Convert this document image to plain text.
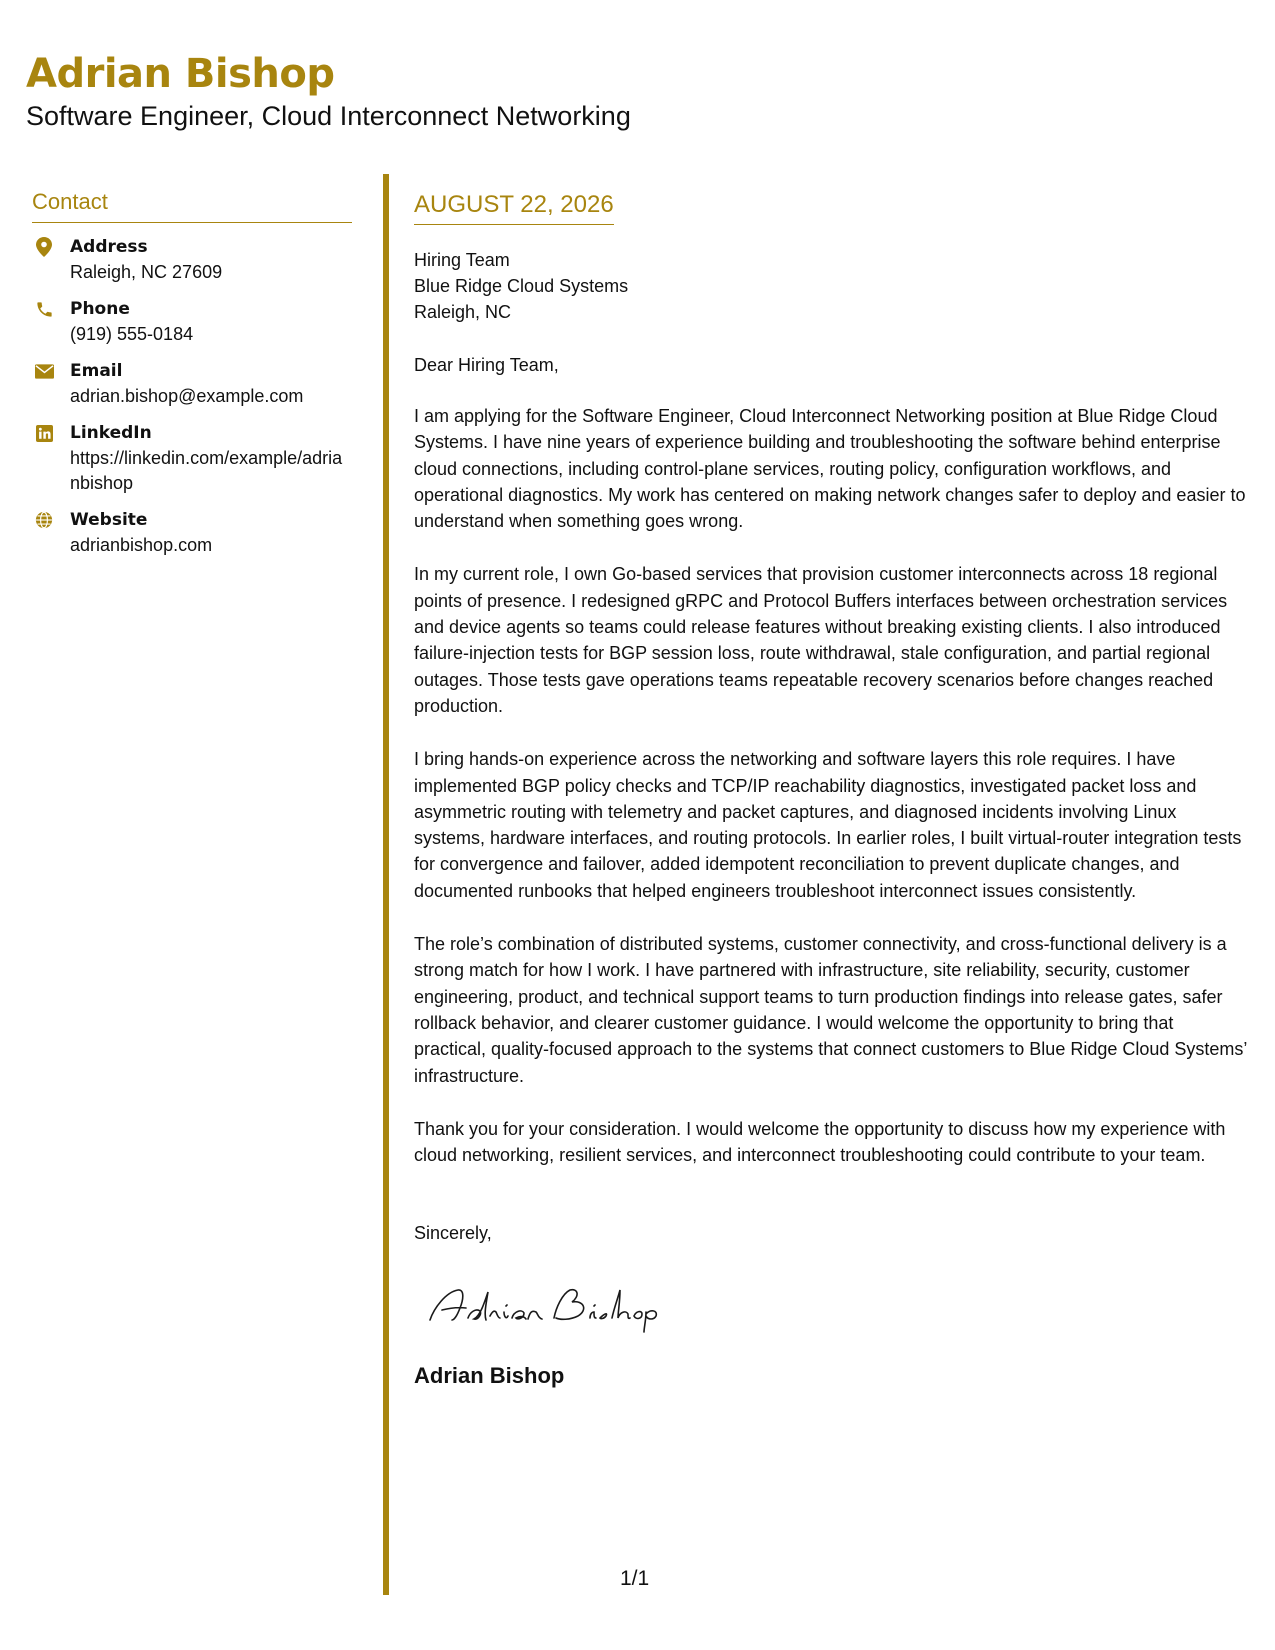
Adrian Bishop
Software Engineer, Cloud Interconnect Networking
Contact
Address
Raleigh, NC 27609
Phone
(919) 555-0184
Email
adrian.bishop@example.com
LinkedIn
https://linkedin.com/example/adrianbishop
Website
adrianbishop.com
AUGUST 22, 2026
Hiring Team
Blue Ridge Cloud Systems
Raleigh, NC
Dear Hiring Team,

I am applying for the Software Engineer, Cloud Interconnect Networking position at Blue Ridge Cloud Systems. I have nine years of experience building and troubleshooting the software behind enterprise cloud connections, including control-plane services, routing policy, configuration workflows, and operational diagnostics. My work has centered on making network changes safer to deploy and easier to understand when something goes wrong.

In my current role, I own Go-based services that provision customer interconnects across 18 regional points of presence. I redesigned gRPC and Protocol Buffers interfaces between orchestration services and device agents so teams could release features without breaking existing clients. I also introduced failure-injection tests for BGP session loss, route withdrawal, stale configuration, and partial regional outages. Those tests gave operations teams repeatable recovery scenarios before changes reached production.

I bring hands-on experience across the networking and software layers this role requires. I have implemented BGP policy checks and TCP/IP reachability diagnostics, investigated packet loss and asymmetric routing with telemetry and packet captures, and diagnosed incidents involving Linux systems, hardware interfaces, and routing protocols. In earlier roles, I built virtual-router integration tests for convergence and failover, added idempotent reconciliation to prevent duplicate changes, and documented runbooks that helped engineers troubleshoot interconnect issues consistently.

The role’s combination of distributed systems, customer connectivity, and cross-functional delivery is a strong match for how I work. I have partnered with infrastructure, site reliability, security, customer engineering, product, and technical support teams to turn production findings into release gates, safer rollback behavior, and clearer customer guidance. I would welcome the opportunity to bring that practical, quality-focused approach to the systems that connect customers to Blue Ridge Cloud Systems’ infrastructure.

Thank you for your consideration. I would welcome the opportunity to discuss how my experience with cloud networking, resilient services, and interconnect troubleshooting could contribute to your team.

Sincerely,
Adrian Bishop
1/1
